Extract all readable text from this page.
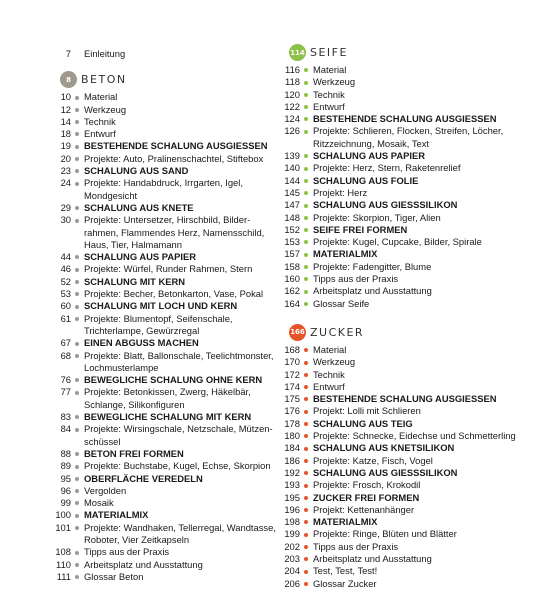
7	Einleitung
8 BETON
10	Material
12	Werkzeug
14	Technik
18	Entwurf
19	BESTEHENDE SCHALUNG AUSGIESSEN
20	Projekte: Auto, Pralinenschachtel, Stiftebox
23	SCHALUNG AUS SAND
24	Projekte: Handabdruck, Irrgarten, Igel,
Mondgesicht
29	SCHALUNG AUS KNETE
30	Projekte: Untersetzer, Hirschbild, Bilder-
rahmen, Flammendes Herz, Namensschild,
Haus, Tier, Halmamann
44	SCHALUNG AUS PAPIER
46	Projekte: Würfel, Runder Rahmen, Stern
52	SCHALUNG MIT KERN
53	Projekte: Becher, Betonkarton, Vase, Pokal
60	SCHALUNG MIT LOCH UND KERN
61	Projekte: Blumentopf, Seifenschale,
Trichterlampe, Gewürzregal
67	EINEN ABGUSS MACHEN
68	Projekte: Blatt, Ballonschale, Teelichtmonster,
Lochmusterlampe
76	BEWEGLICHE SCHALUNG OHNE KERN
77	Projekte: Betonkissen, Zwerg, Häkelbär,
Schlange, Silikonfiguren
83	BEWEGLICHE SCHALUNG MIT KERN
84	Projekte: Wirsingschale, Netzschale, Mützen-
schüssel
88	BETON FREI FORMEN
89	Projekte: Buchstabe, Kugel, Echse, Skorpion
95	OBERFLÄCHE VEREDELN
96	Vergolden
99	Mosaik
100	MATERIALMIX
101	Projekte: Wandhaken, Tellerregal, Wandtasse,
Roboter, Vier Zeitkapseln
108	Tipps aus der Praxis
110	Arbeitsplatz und Ausstattung
111	Glossar Beton
114 SEIFE
116	Material
118	Werkzeug
120	Technik
122	Entwurf
124	BESTEHENDE SCHALUNG AUSGIESSEN
126	Projekte: Schlieren, Flocken, Streifen, Löcher,
Ritzzeichnung, Mosaik, Text
139	SCHALUNG AUS PAPIER
140	Projekte: Herz, Stern, Raketenrelief
144	SCHALUNG AUS FOLIE
145	Projekt: Herz
147	SCHALUNG AUS GIESSSILIKON
148	Projekte: Skorpion, Tiger, Alien
152	SEIFE FREI FORMEN
153	Projekte: Kugel, Cupcake, Bilder, Spirale
157	MATERIALMIX
158	Projekte: Fadengitter, Blume
160	Tipps aus der Praxis
162	Arbeitsplatz und Ausstattung
164	Glossar Seife
166 ZUCKER
168	Material
170	Werkzeug
172	Technik
174	Entwurf
175	BESTEHENDE SCHALUNG AUSGIESSEN
176	Projekt: Lolli mit Schlieren
178	SCHALUNG AUS TEIG
180	Projekte: Schnecke, Eidechse und Schmetterling
184	SCHALUNG AUS KNETSILIKON
186	Projekte: Katze, Fisch, Vogel
192	SCHALUNG AUS GIESSSILIKON
193	Projekte: Frosch, Krokodil
195	ZUCKER FREI FORMEN
196	Projekt: Kettenanhänger
198	MATERIALMIX
199	Projekte: Ringe, Blüten und Blätter
202	Tipps aus der Praxis
203	Arbeitsplatz und Ausstattung
204	Test, Test, Test!
206	Glossar Zucker
